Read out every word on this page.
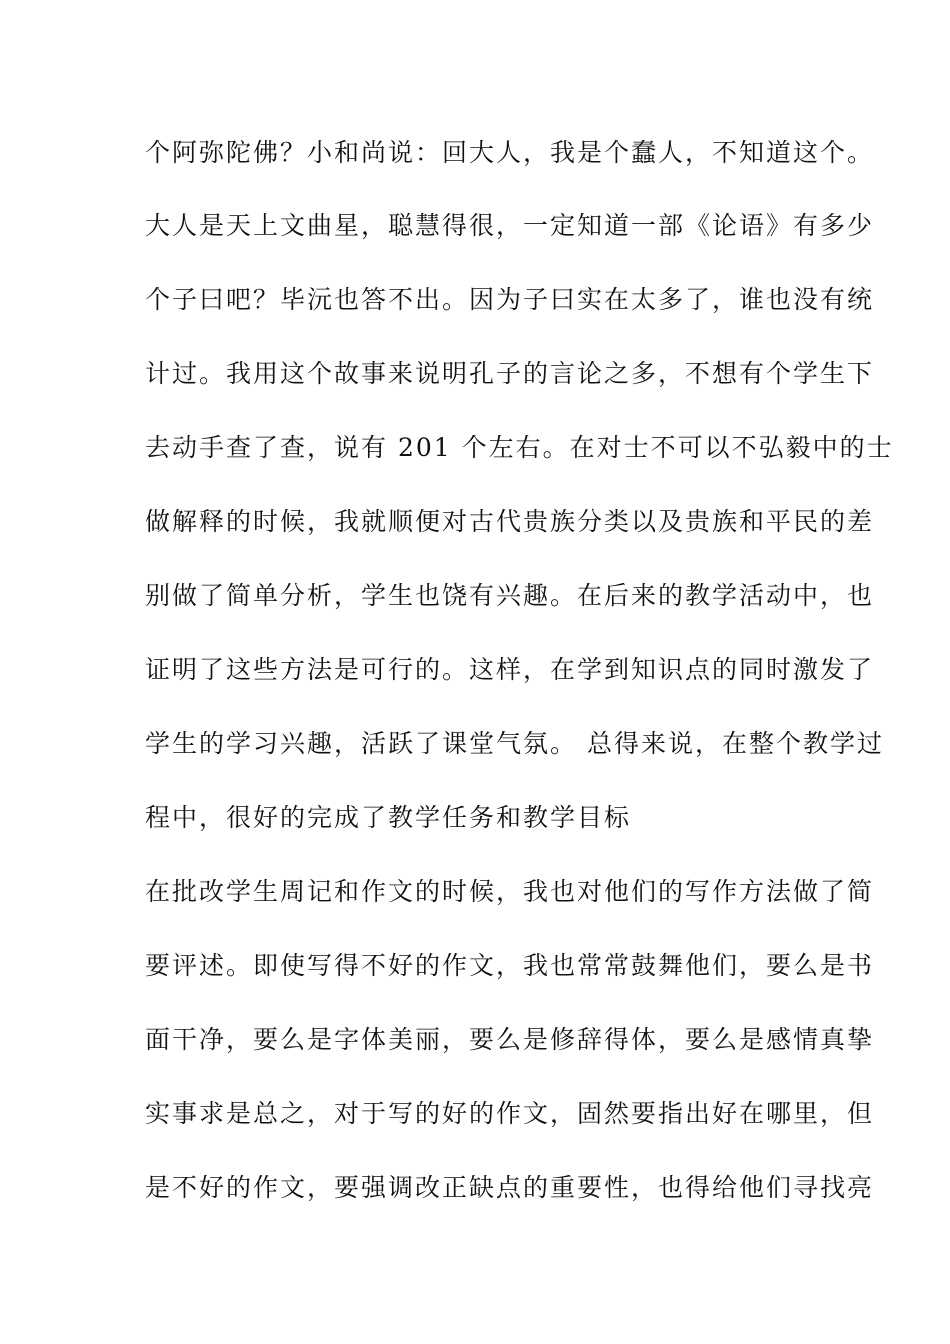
个阿弥陀佛？小和尚说：回大人，我是个蠢人，不知道这个。
大人是天上文曲星，聪慧得很，一定知道一部《论语》有多少
个子曰吧？毕沅也答不出。因为子曰实在太多了，谁也没有统
计过。我用这个故事来说明孔子的言论之多，不想有个学生下
去动手查了查，说有 201 个左右。在对士不可以不弘毅中的士
做解释的时候，我就顺便对古代贵族分类以及贵族和平民的差
别做了简单分析，学生也饶有兴趣。在后来的教学活动中，也
证明了这些方法是可行的。这样，在学到知识点的同时激发了
学生的学习兴趣，活跃了课堂气氛。 总得来说，在整个教学过
程中，很好的完成了教学任务和教学目标
在批改学生周记和作文的时候，我也对他们的写作方法做了简
要评述。即使写得不好的作文，我也常常鼓舞他们，要么是书
面干净，要么是字体美丽，要么是修辞得体，要么是感情真挚
实事求是总之，对于写的好的作文，固然要指出好在哪里，但
是不好的作文，要强调改正缺点的重要性，也得给他们寻找亮
